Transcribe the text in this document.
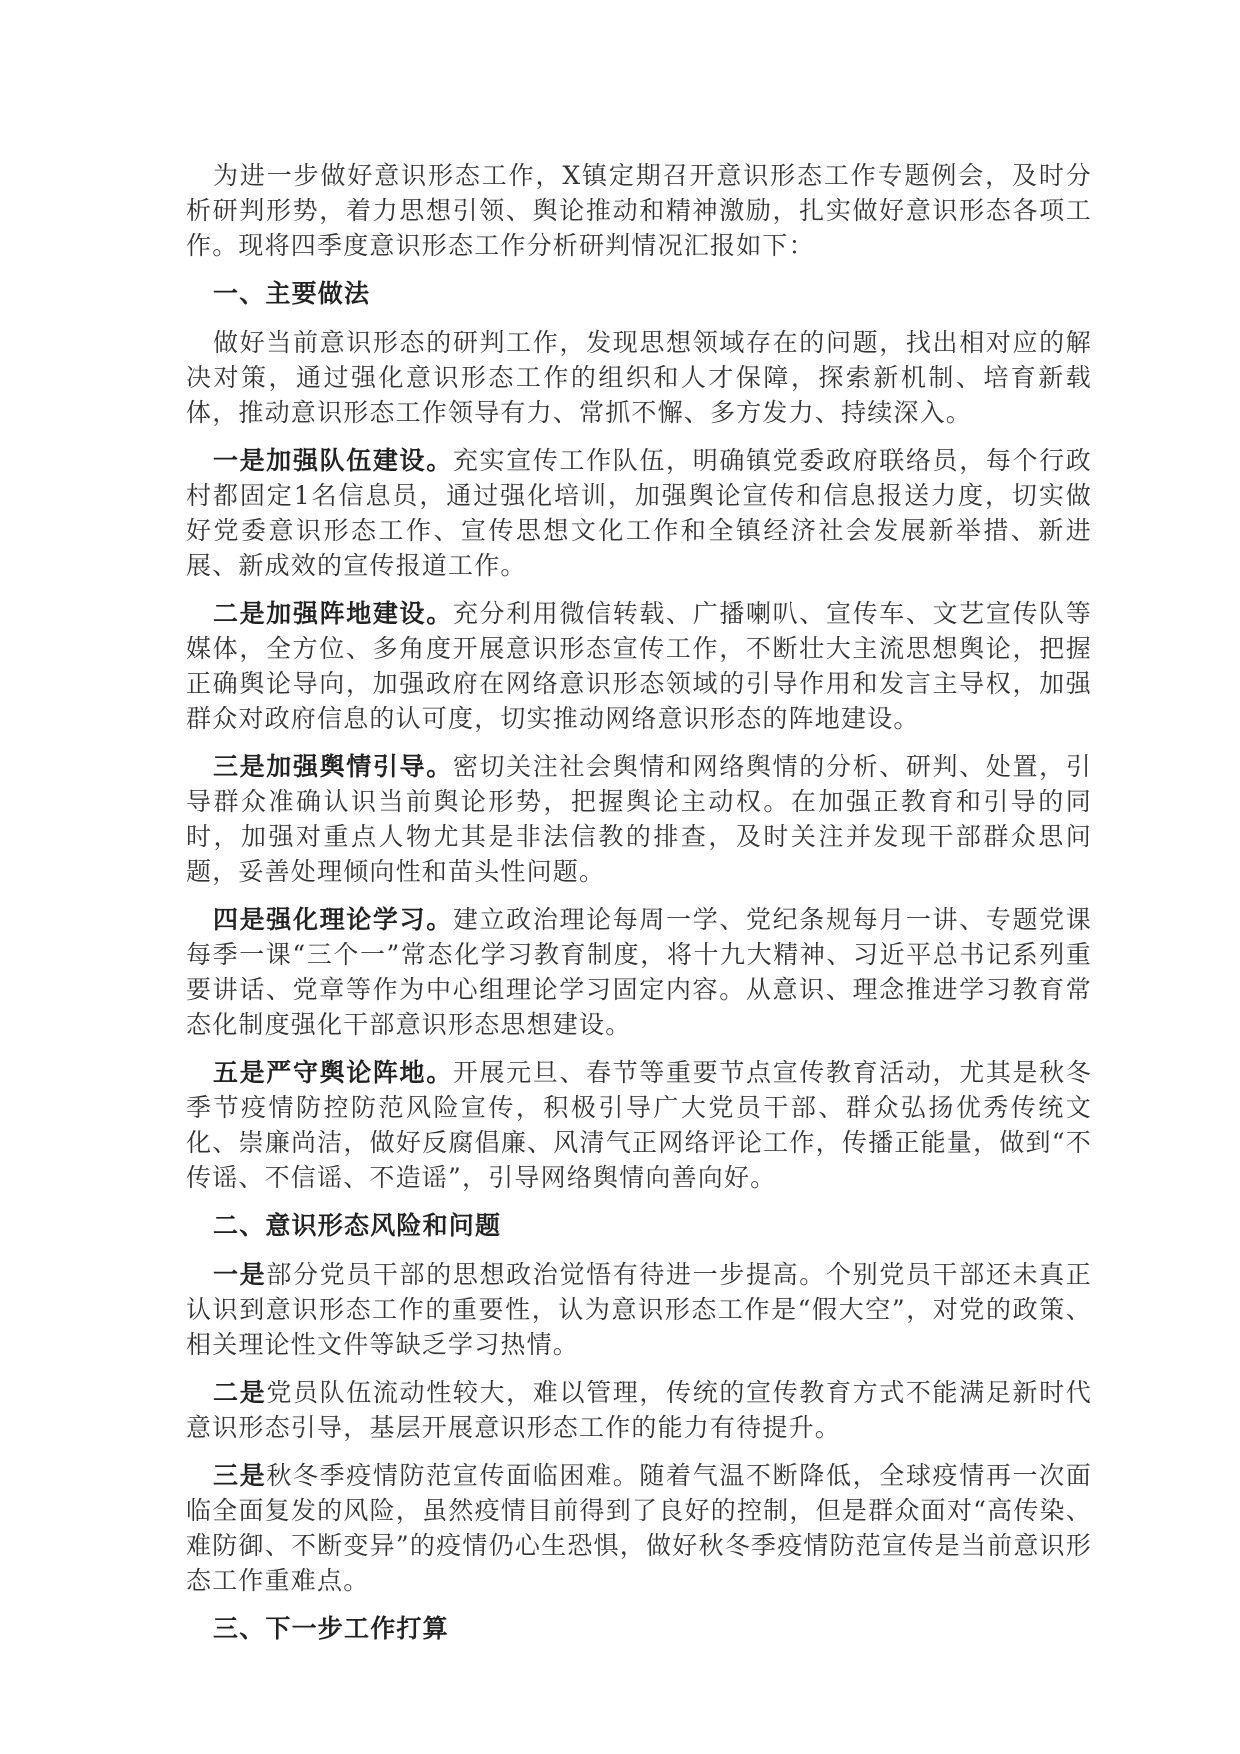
为进一步做好意识形态工作，X镇定期召开意识形态工作专题例会，及时分析研判形势，着力思想引领、舆论推动和精神激励，扎实做好意识形态各项工作。现将四季度意识形态工作分析研判情况汇报如下：

一、主要做法

做好当前意识形态的研判工作，发现思想领域存在的问题，找出相对应的解决对策，通过强化意识形态工作的组织和人才保障，探索新机制、培育新载体，推动意识形态工作领导有力、常抓不懈、多方发力、持续深入。

一是加强队伍建设。充实宣传工作队伍，明确镇党委政府联络员，每个行政村都固定1名信息员，通过强化培训，加强舆论宣传和信息报送力度，切实做好党委意识形态工作、宣传思想文化工作和全镇经济社会发展新举措、新进展、新成效的宣传报道工作。

二是加强阵地建设。充分利用微信转载、广播喇叭、宣传车、文艺宣传队等媒体，全方位、多角度开展意识形态宣传工作，不断壮大主流思想舆论，把握正确舆论导向，加强政府在网络意识形态领域的引导作用和发言主导权，加强群众对政府信息的认可度，切实推动网络意识形态的阵地建设。

三是加强舆情引导。密切关注社会舆情和网络舆情的分析、研判、处置，引导群众准确认识当前舆论形势，把握舆论主动权。在加强正教育和引导的同时，加强对重点人物尤其是非法信教的排查，及时关注并发现干部群众思问题，妥善处理倾向性和苗头性问题。

四是强化理论学习。建立政治理论每周一学、党纪条规每月一讲、专题党课每季一课“三个一”常态化学习教育制度，将十九大精神、习近平总书记系列重要讲话、党章等作为中心组理论学习固定内容。从意识、理念推进学习教育常态化制度强化干部意识形态思想建设。

五是严守舆论阵地。开展元旦、春节等重要节点宣传教育活动，尤其是秋冬季节疫情防控防范风险宣传，积极引导广大党员干部、群众弘扬优秀传统文化、崇廉尚洁，做好反腐倡廉、风清气正网络评论工作，传播正能量，做到“不传谣、不信谣、不造谣”，引导网络舆情向善向好。

二、意识形态风险和问题

一是部分党员干部的思想政治觉悟有待进一步提高。个别党员干部还未真正认识到意识形态工作的重要性，认为意识形态工作是“假大空”，对党的政策、相关理论性文件等缺乏学习热情。

二是党员队伍流动性较大，难以管理，传统的宣传教育方式不能满足新时代意识形态引导，基层开展意识形态工作的能力有待提升。

三是秋冬季疫情防范宣传面临困难。随着气温不断降低，全球疫情再一次面临全面复发的风险，虽然疫情目前得到了良好的控制，但是群众面对“高传染、难防御、不断变异”的疫情仍心生恐惧，做好秋冬季疫情防范宣传是当前意识形态工作重难点。

三、下一步工作打算
